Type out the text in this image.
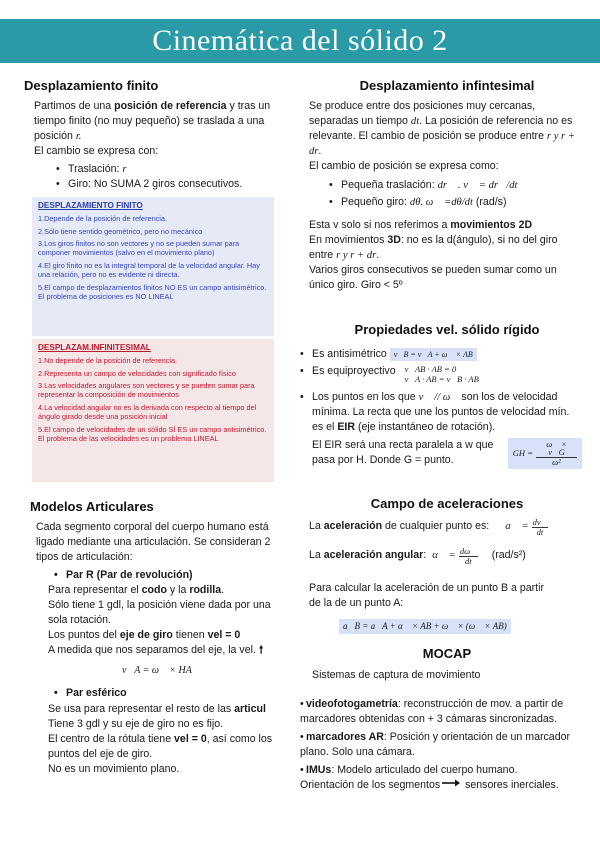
Cinemática del sólido 2
Desplazamiento finito

Partimos de una posición de referencia y tras un tiempo finito (no muy pequeño) se traslada a una posición r.

El cambio se expresa con:

• Traslación: r⃗
• Giro: No SUMA 2 giros consecutivos.
DESPLAZAMIENTO FINITO

1.Depende de la posición de referencia.

2.Sólo tiene sentido geométrico, pero no mecánico

3.Los giros finitos no son vectores y no se pueden sumar para componer movimientos (salvo en el movimiento plano)

4.El giro finito no es la integral temporal de la velocidad angular. Hay una relación, pero no es evidente ni directa.

5.El campo de desplazamientos finitos NO ES un campo antisimétrico. El problema de posiciones es NO LINEAL

DESPLAZAM.INFINITESIMAL

1.No depende de la posición de referencia.

2.Representa un campo de velocidades con significado físico

3.Las velocidades angulares son vectores y se pueden sumar para representar la composición de movimientos

4.La velocidad angular no es la derivada con respecto al tiempo del ángulo girado desde una posición inicial

5.El campo de velocidades de un sólido SÍ ES un campo antisimétrico. El problema de las velocidades es un problema LINEAL

Modelos Articulares

Cada segmento corporal del cuerpo humano está ligado mediante una articulación. Se consideran 2 tipos de articulación:

• Par R (Par de revolución)

Para representar el codo y la rodilla.

Sólo tiene 1 gdl, la posición viene dada por una sola rotación.

Los puntos del eje de giro tienen vel = 0

A medida que nos separamos del eje, la vel. 🠕

v⃗A = ω⃗ × HA

• Par esférico

Se usa para representar el resto de las articul

Tiene 3 gdl y su eje de giro no es fijo.

El centro de la rótula tiene vel = 0, así como los puntos del eje de giro.

No es un movimiento plano.

Desplazamiento infintesimal

Se produce entre dos posiciones muy cercanas, separadas un tiempo dt. La posición de referencia no es relevante. El cambio de posición se produce entre r y r + dr.

El cambio de posición se expresa como:

• Pequeña traslación: dr⃗ . v⃗ = dr⃗/dt
• Pequeño giro: dθ. ω⃗ =dθ/dt (rad/s)

Esta v solo si nos referimos a movimientos 2D

En movimientos 3D: no es la d(ángulo), si no del giro entre r y r + dr.

Varios giros consecutivos se pueden sumar como un único giro. Giro < 5º

Propiedades vel. sólido rígido
• Es antisimétrico v⃗B = v⃗A + ω⃗ × AB
• Es equiproyectivo v⃗AB · AB = 0
v⃗A · AB = v⃗B · AB
• Los puntos en los que v⃗ // ω⃗ son los de velocidad mínima. La recta que une los puntos de velocidad mín. es el EIR (eje instantáneo de rotación).

El EIR será una recta paralela a w que pasa por H. Donde G = punto.

GH = $\frac{\omega⃗ \times v⃗G}{\text{ω²}}$
Campo de aceleraciones
La aceleración de cualquier punto es: a⃗ = $\frac{dv⃗}{dt}$
La aceleración angular: α⃗ = $\frac{d\omega⃗}{dt} (rad/s^2)$

Para calcular la aceleración de un punto B a partir de la de un punto A:

a⃗B = a⃗A + α⃗ × AB + ω⃗ × (ω⃗ × AB)
MOCAP

Sistemas de captura de movimiento

• videofotogametría: reconstrucción de mov. a partir de marcadores obtenidas con + 3 cámaras sincronizadas.
• marcadores AR: Posición y orientación de un marcador plano. Solo una cámara.
• IMUs: Modelo articulado del cuerpo humano.

Orientación de los segmentos sensores inerciales.
